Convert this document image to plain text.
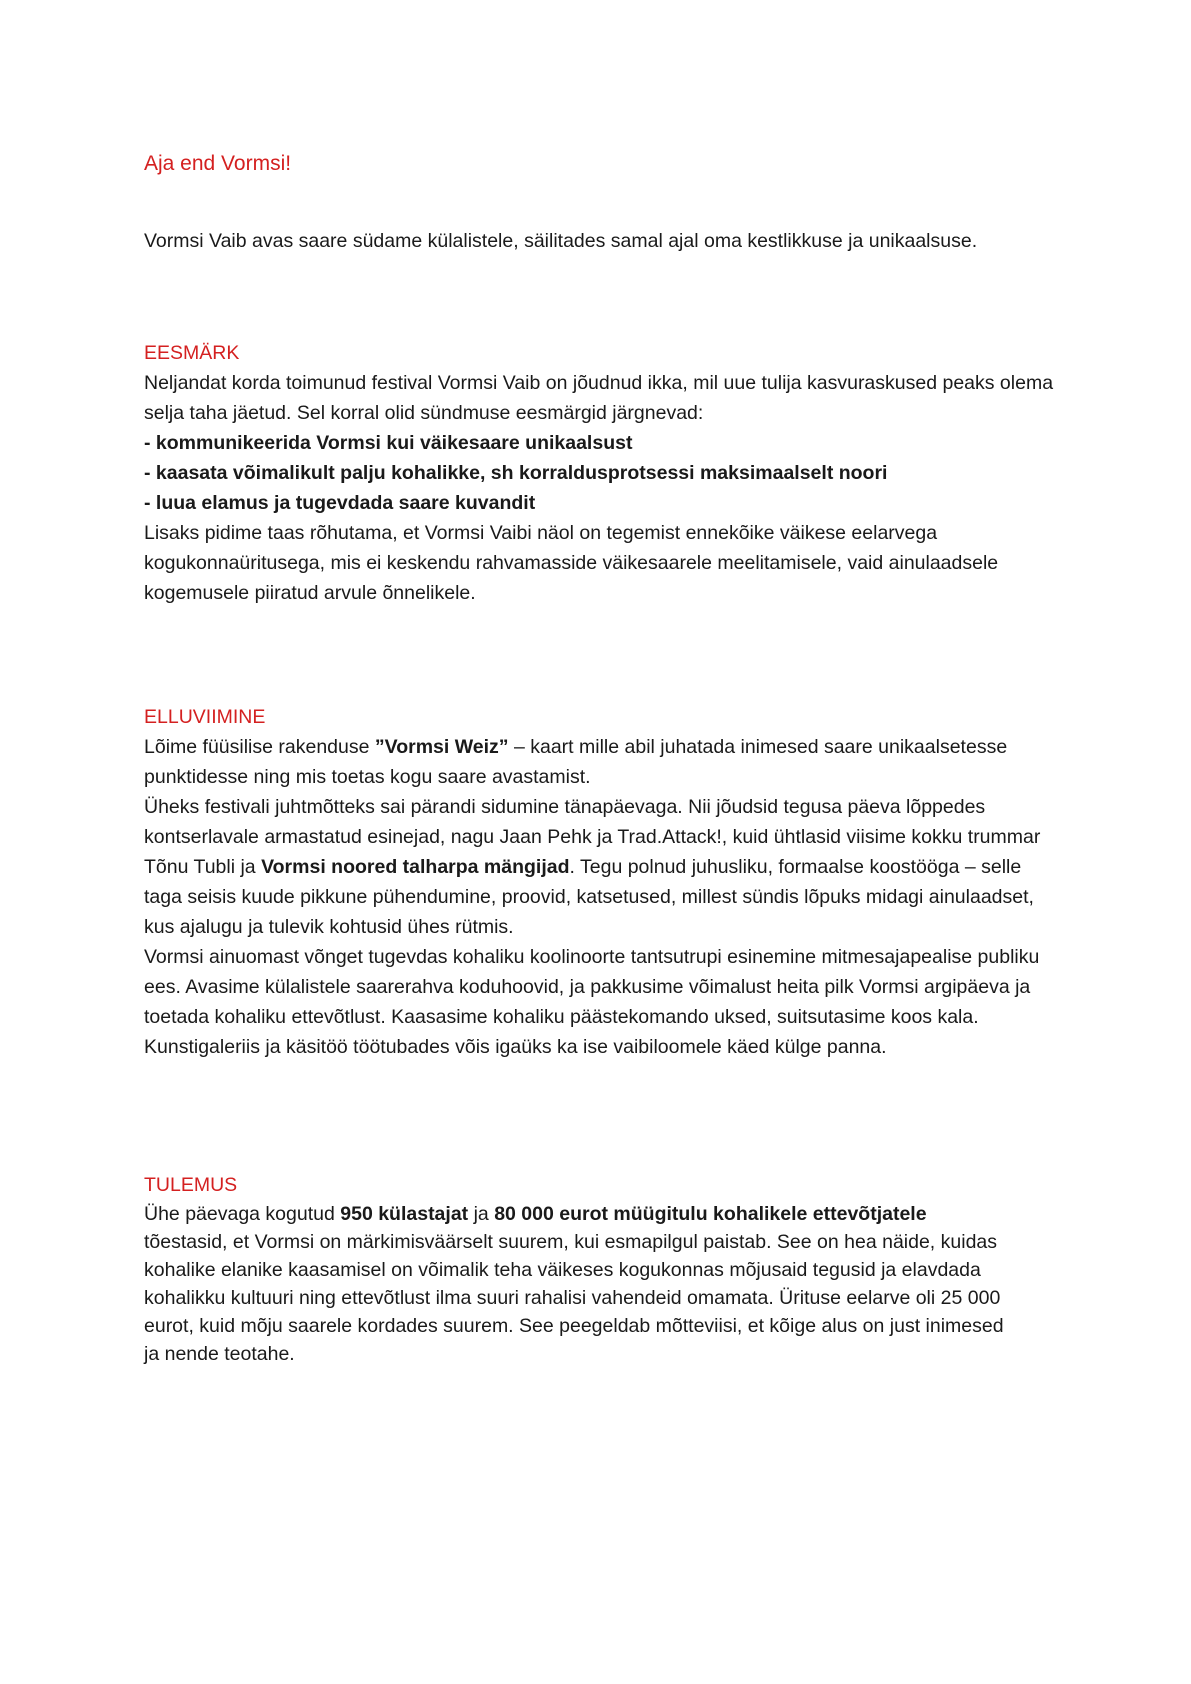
Aja end Vormsi!

Vormsi Vaib avas saare südame külalistele, säilitades samal ajal oma kestlikkuse ja unikaalsuse.

EESMÄRK

Neljandat korda toimunud festival Vormsi Vaib on jõudnud ikka, mil uue tulija kasvuraskused peaks olema selja taha jäetud. Sel korral olid sündmuse eesmärgid järgnevad:

- kommunikeerida Vormsi kui väikesaare unikaalsust
- kaasata võimalikult palju kohalikke, sh korraldusprotsessi maksimaalselt noori
- luua elamus ja tugevdada saare kuvandit

Lisaks pidime taas rõhutama, et Vormsi Vaibi näol on tegemist ennekõike väikese eelarvega kogukonnaüritusega, mis ei keskendu rahvamasside väikesaarele meelitamisele, vaid ainulaadsele kogemusele piiratud arvule õnnelikele.

ELLUVIIMINE

Lõime füüsilise rakenduse ”Vormsi Weiz” – kaart mille abil juhatada inimesed saare unikaalsetesse punktidesse ning mis toetas kogu saare avastamist.

Üheks festivali juhtmõtteks sai pärandi sidumine tänapäevaga. Nii jõudsid tegusa päeva lõppedes kontserlavale armastatud esinejad, nagu Jaan Pehk ja Trad.Attack!, kuid ühtlasid viisime kokku trummar Tõnu Tubli ja Vormsi noored talharpa mängijad. Tegu polnud juhusliku, formaalse koostööga – selle taga seisis kuude pikkune pühendumine, proovid, katsetused, millest sündis lõpuks midagi ainulaadset, kus ajalugu ja tulevik kohtusid ühes rütmis.

Vormsi ainuomast võnget tugevdas kohaliku koolinoorte tantsutrupi esinemine mitmesajapealise publiku ees. Avasime külalistele saarerahva koduhoovid, ja pakkusime võimalust heita pilk Vormsi argipäeva ja toetada kohaliku ettevõtlust. Kaasasime kohaliku päästekomando uksed, suitsutasime koos kala. Kunstigaleriis ja käsitöö töötubades võis igaüks ka ise vaibiloomele käed külge panna.

TULEMUS

Ühe päevaga kogutud 950 külastajat ja 80 000 eurot müügitulu kohalikele ettevõtjatele tõestasid, et Vormsi on märkimisväärselt suurem, kui esmapilgul paistab. See on hea näide, kuidas kohalike elanike kaasamisel on võimalik teha väikeses kogukonnas mõjusaid tegusid ja elavdada kohalikku kultuuri ning ettevõtlust ilma suuri rahalisi vahendeid omamata. Ürituse eelarve oli 25 000 eurot, kuid mõju saarele kordades suurem. See peegeldab mõtteviisi, et kõige alus on just inimesed ja nende teotahe.
